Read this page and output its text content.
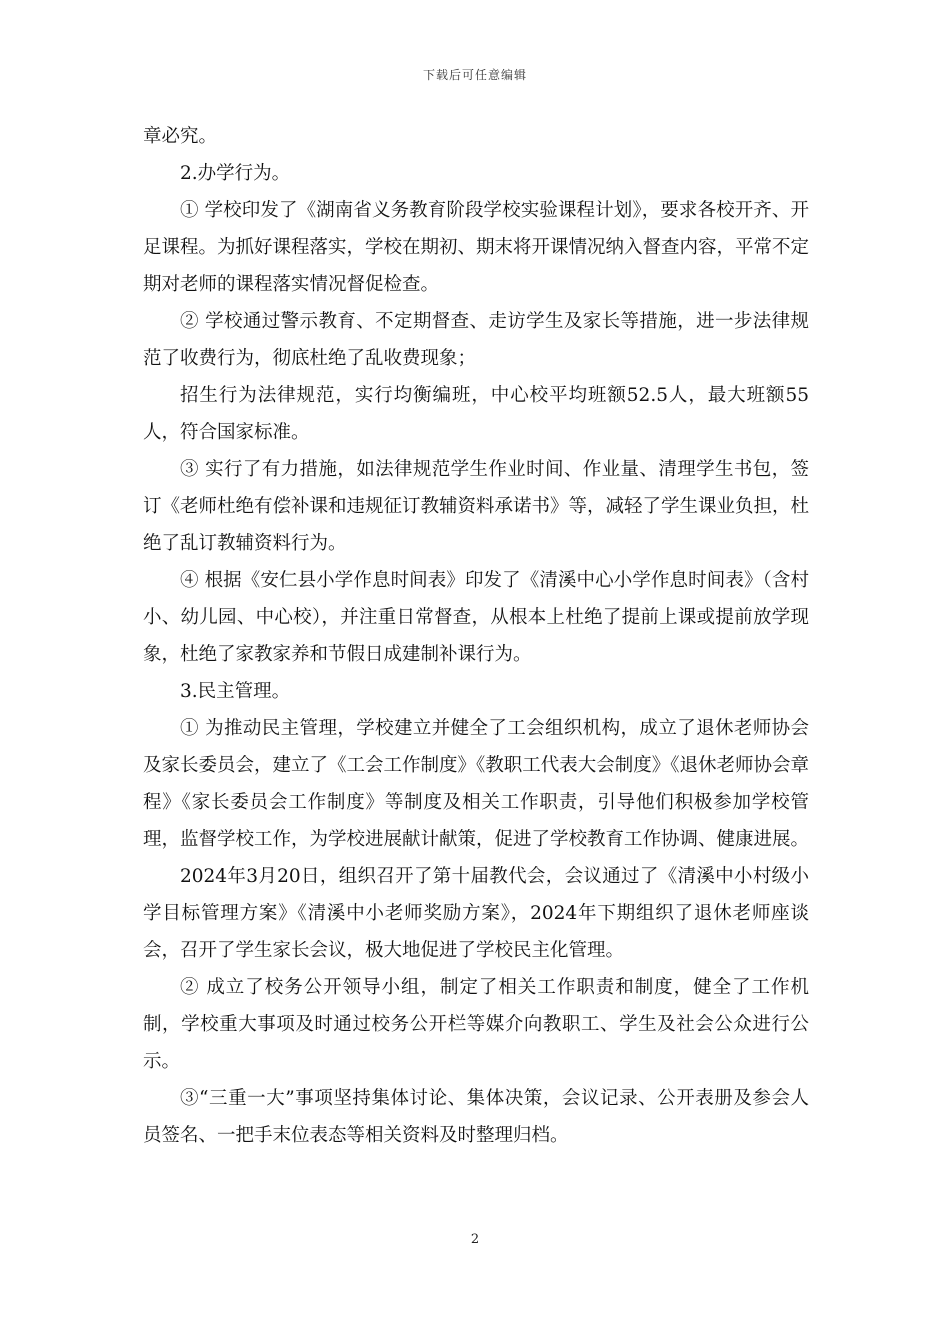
下载后可任意编辑

章必究。

2.办学行为。

① 学校印发了《湖南省义务教育阶段学校实验课程计划》，要求各校开齐、开足课程。为抓好课程落实，学校在期初、期末将开课情况纳入督查内容，平常不定期对老师的课程落实情况督促检查。

② 学校通过警示教育、不定期督查、走访学生及家长等措施，进一步法律规范了收费行为，彻底杜绝了乱收费现象；

招生行为法律规范，实行均衡编班，中心校平均班额52.5人，最大班额55人，符合国家标准。

③ 实行了有力措施，如法律规范学生作业时间、作业量、清理学生书包，签订《老师杜绝有偿补课和违规征订教辅资料承诺书》等，减轻了学生课业负担，杜绝了乱订教辅资料行为。

④ 根据《安仁县小学作息时间表》印发了《清溪中心小学作息时间表》（含村小、幼儿园、中心校），并注重日常督查，从根本上杜绝了提前上课或提前放学现象，杜绝了家教家养和节假日成建制补课行为。

3.民主管理。

① 为推动民主管理，学校建立并健全了工会组织机构，成立了退休老师协会及家长委员会，建立了《工会工作制度》《教职工代表大会制度》《退休老师协会章程》《家长委员会工作制度》等制度及相关工作职责，引导他们积极参加学校管理，监督学校工作，为学校进展献计献策，促进了学校教育工作协调、健康进展。

2024年3月20日，组织召开了第十届教代会，会议通过了《清溪中小村级小学目标管理方案》《清溪中小老师奖励方案》，2024年下期组织了退休老师座谈会，召开了学生家长会议，极大地促进了学校民主化管理。

② 成立了校务公开领导小组，制定了相关工作职责和制度，健全了工作机制，学校重大事项及时通过校务公开栏等媒介向教职工、学生及社会公众进行公示。

③“三重一大”事项坚持集体讨论、集体决策，会议记录、公开表册及参会人员签名、一把手末位表态等相关资料及时整理归档。

2
